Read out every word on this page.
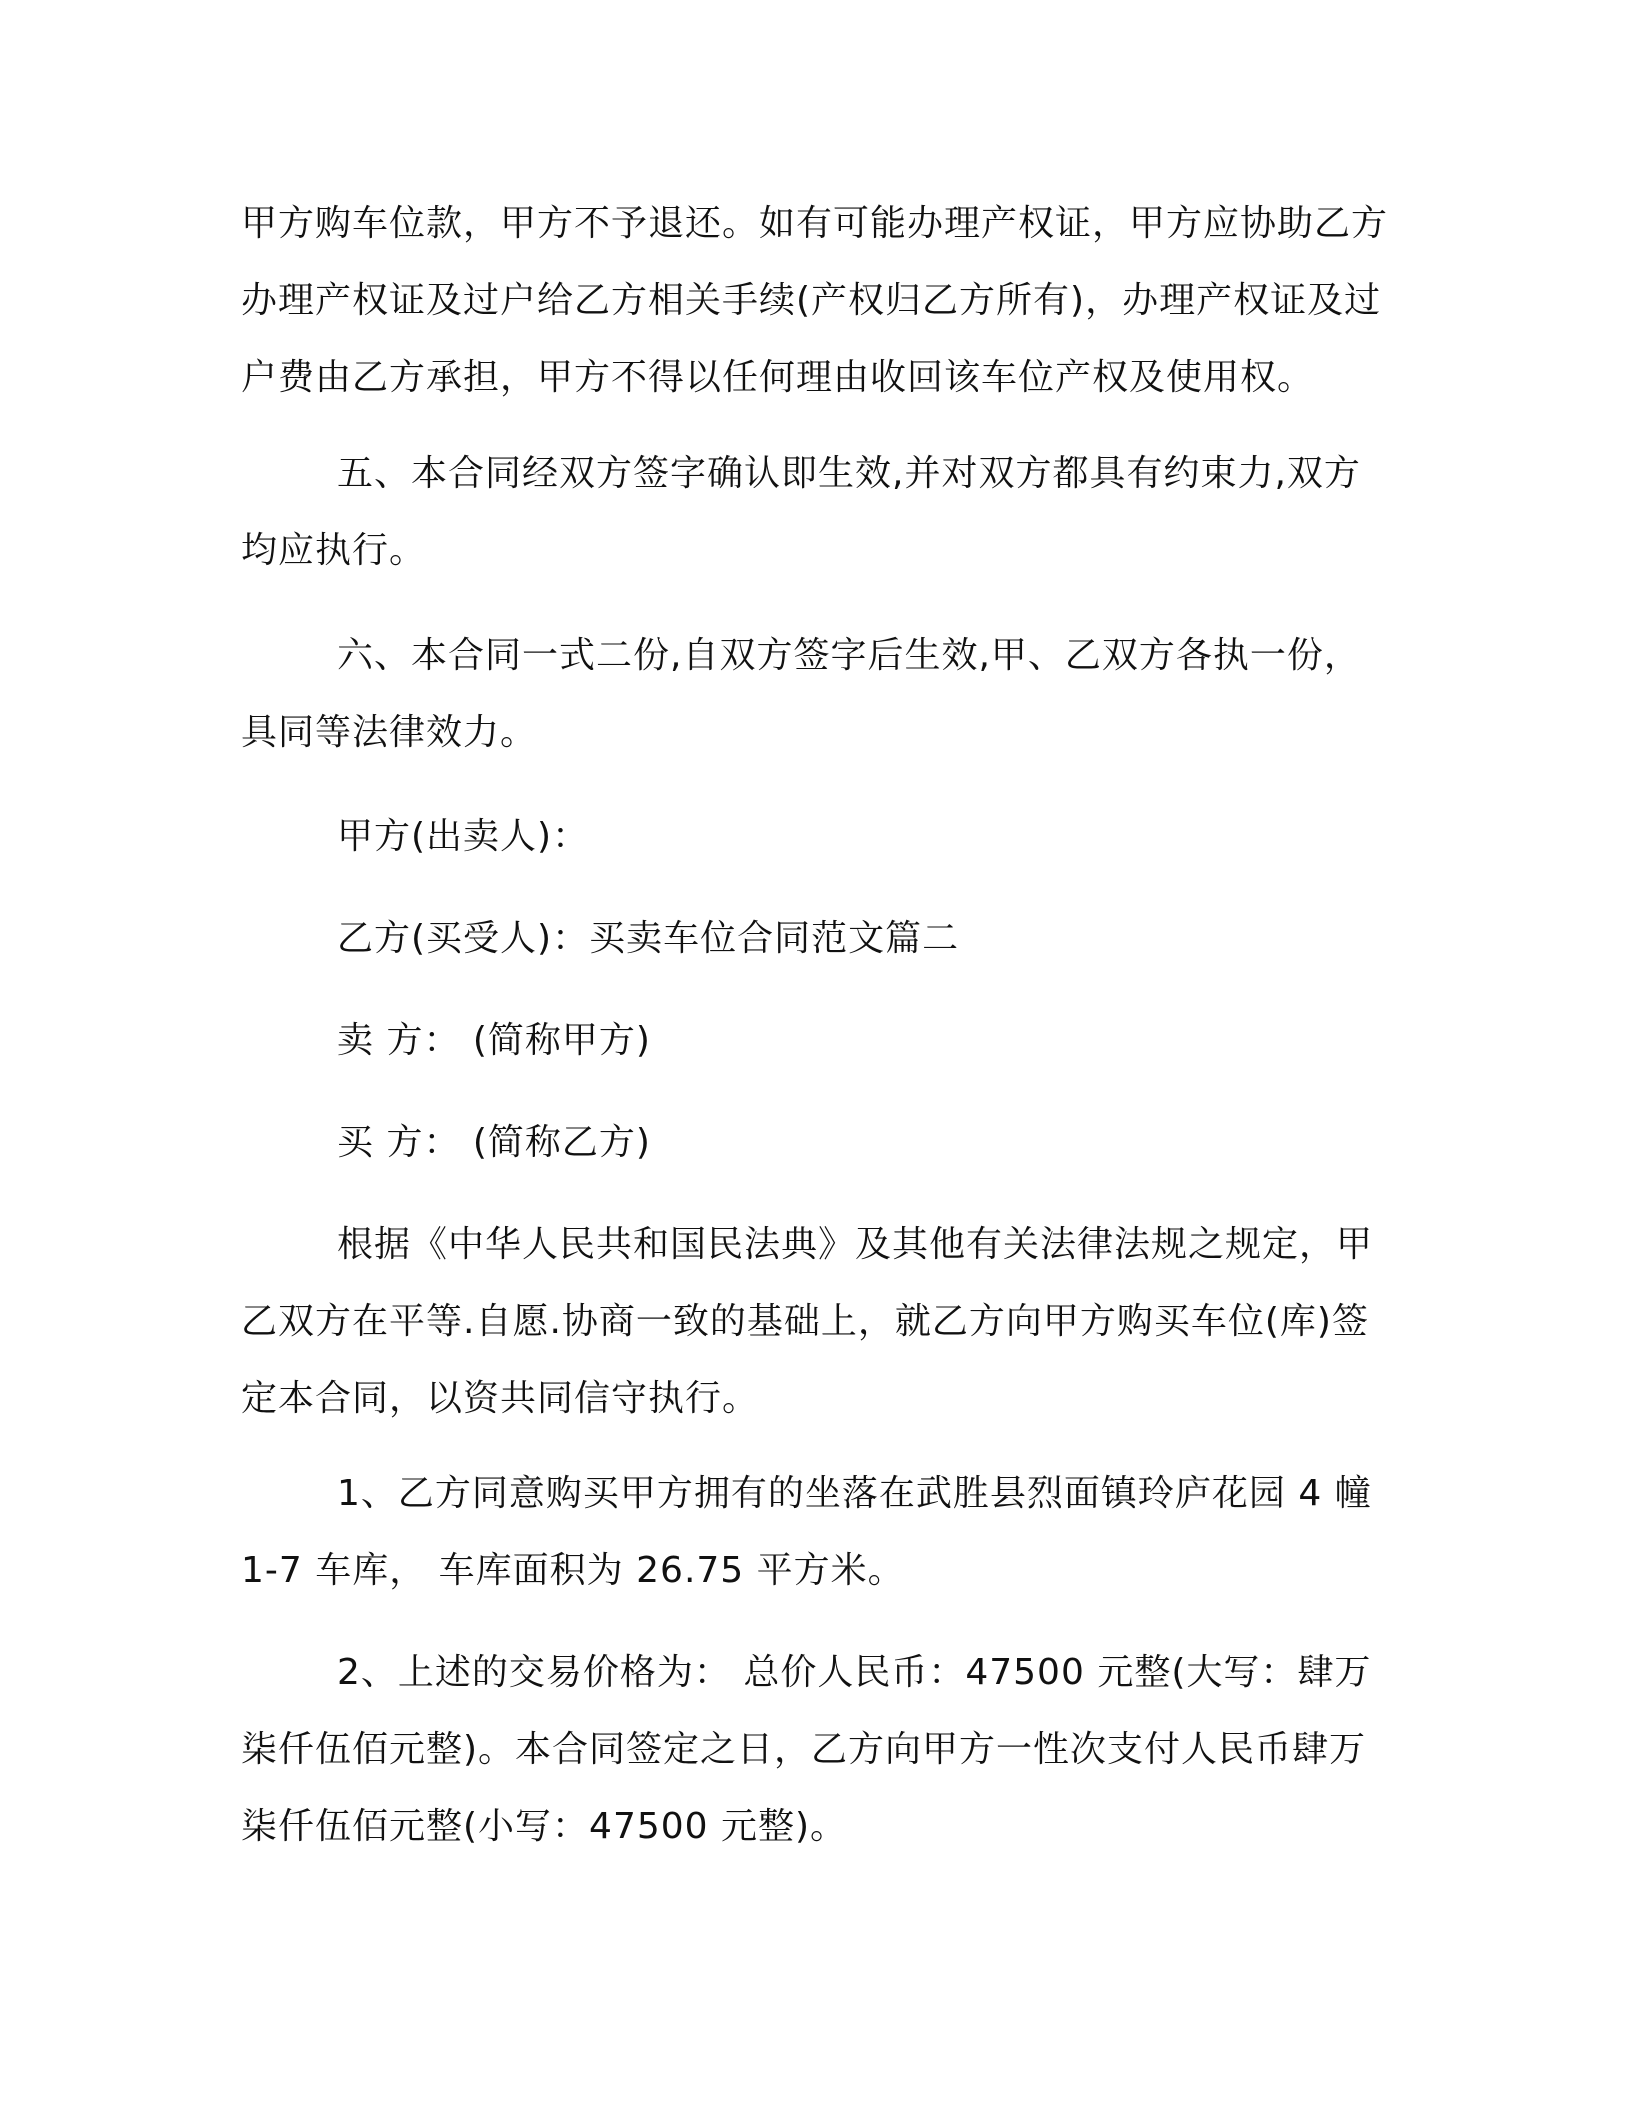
甲方购车位款，甲方不予退还。如有可能办理产权证，甲方应协助乙方办理产权证及过户给乙方相关手续(产权归乙方所有)，办理产权证及过户费由乙方承担，甲方不得以任何理由收回该车位产权及使用权。

五、本合同经双方签字确认即生效,并对双方都具有约束力,双方均应执行。

六、本合同一式二份,自双方签字后生效,甲、乙双方各执一份，具同等法律效力。

甲方(出卖人)：

乙方(买受人)：买卖车位合同范文篇二

卖 方： (简称甲方)

买 方： (简称乙方)

根据《中华人民共和国民法典》及其他有关法律法规之规定，甲乙双方在平等.自愿.协商一致的基础上，就乙方向甲方购买车位(库)签定本合同，以资共同信守执行。

1、乙方同意购买甲方拥有的坐落在武胜县烈面镇玲庐花园 4 幢 1-7 车库， 车库面积为 26.75 平方米。

2、上述的交易价格为： 总价人民币：47500 元整(大写：肆万柒仟伍佰元整)。本合同签定之日，乙方向甲方一性次支付人民币肆万柒仟伍佰元整(小写：47500 元整)。
